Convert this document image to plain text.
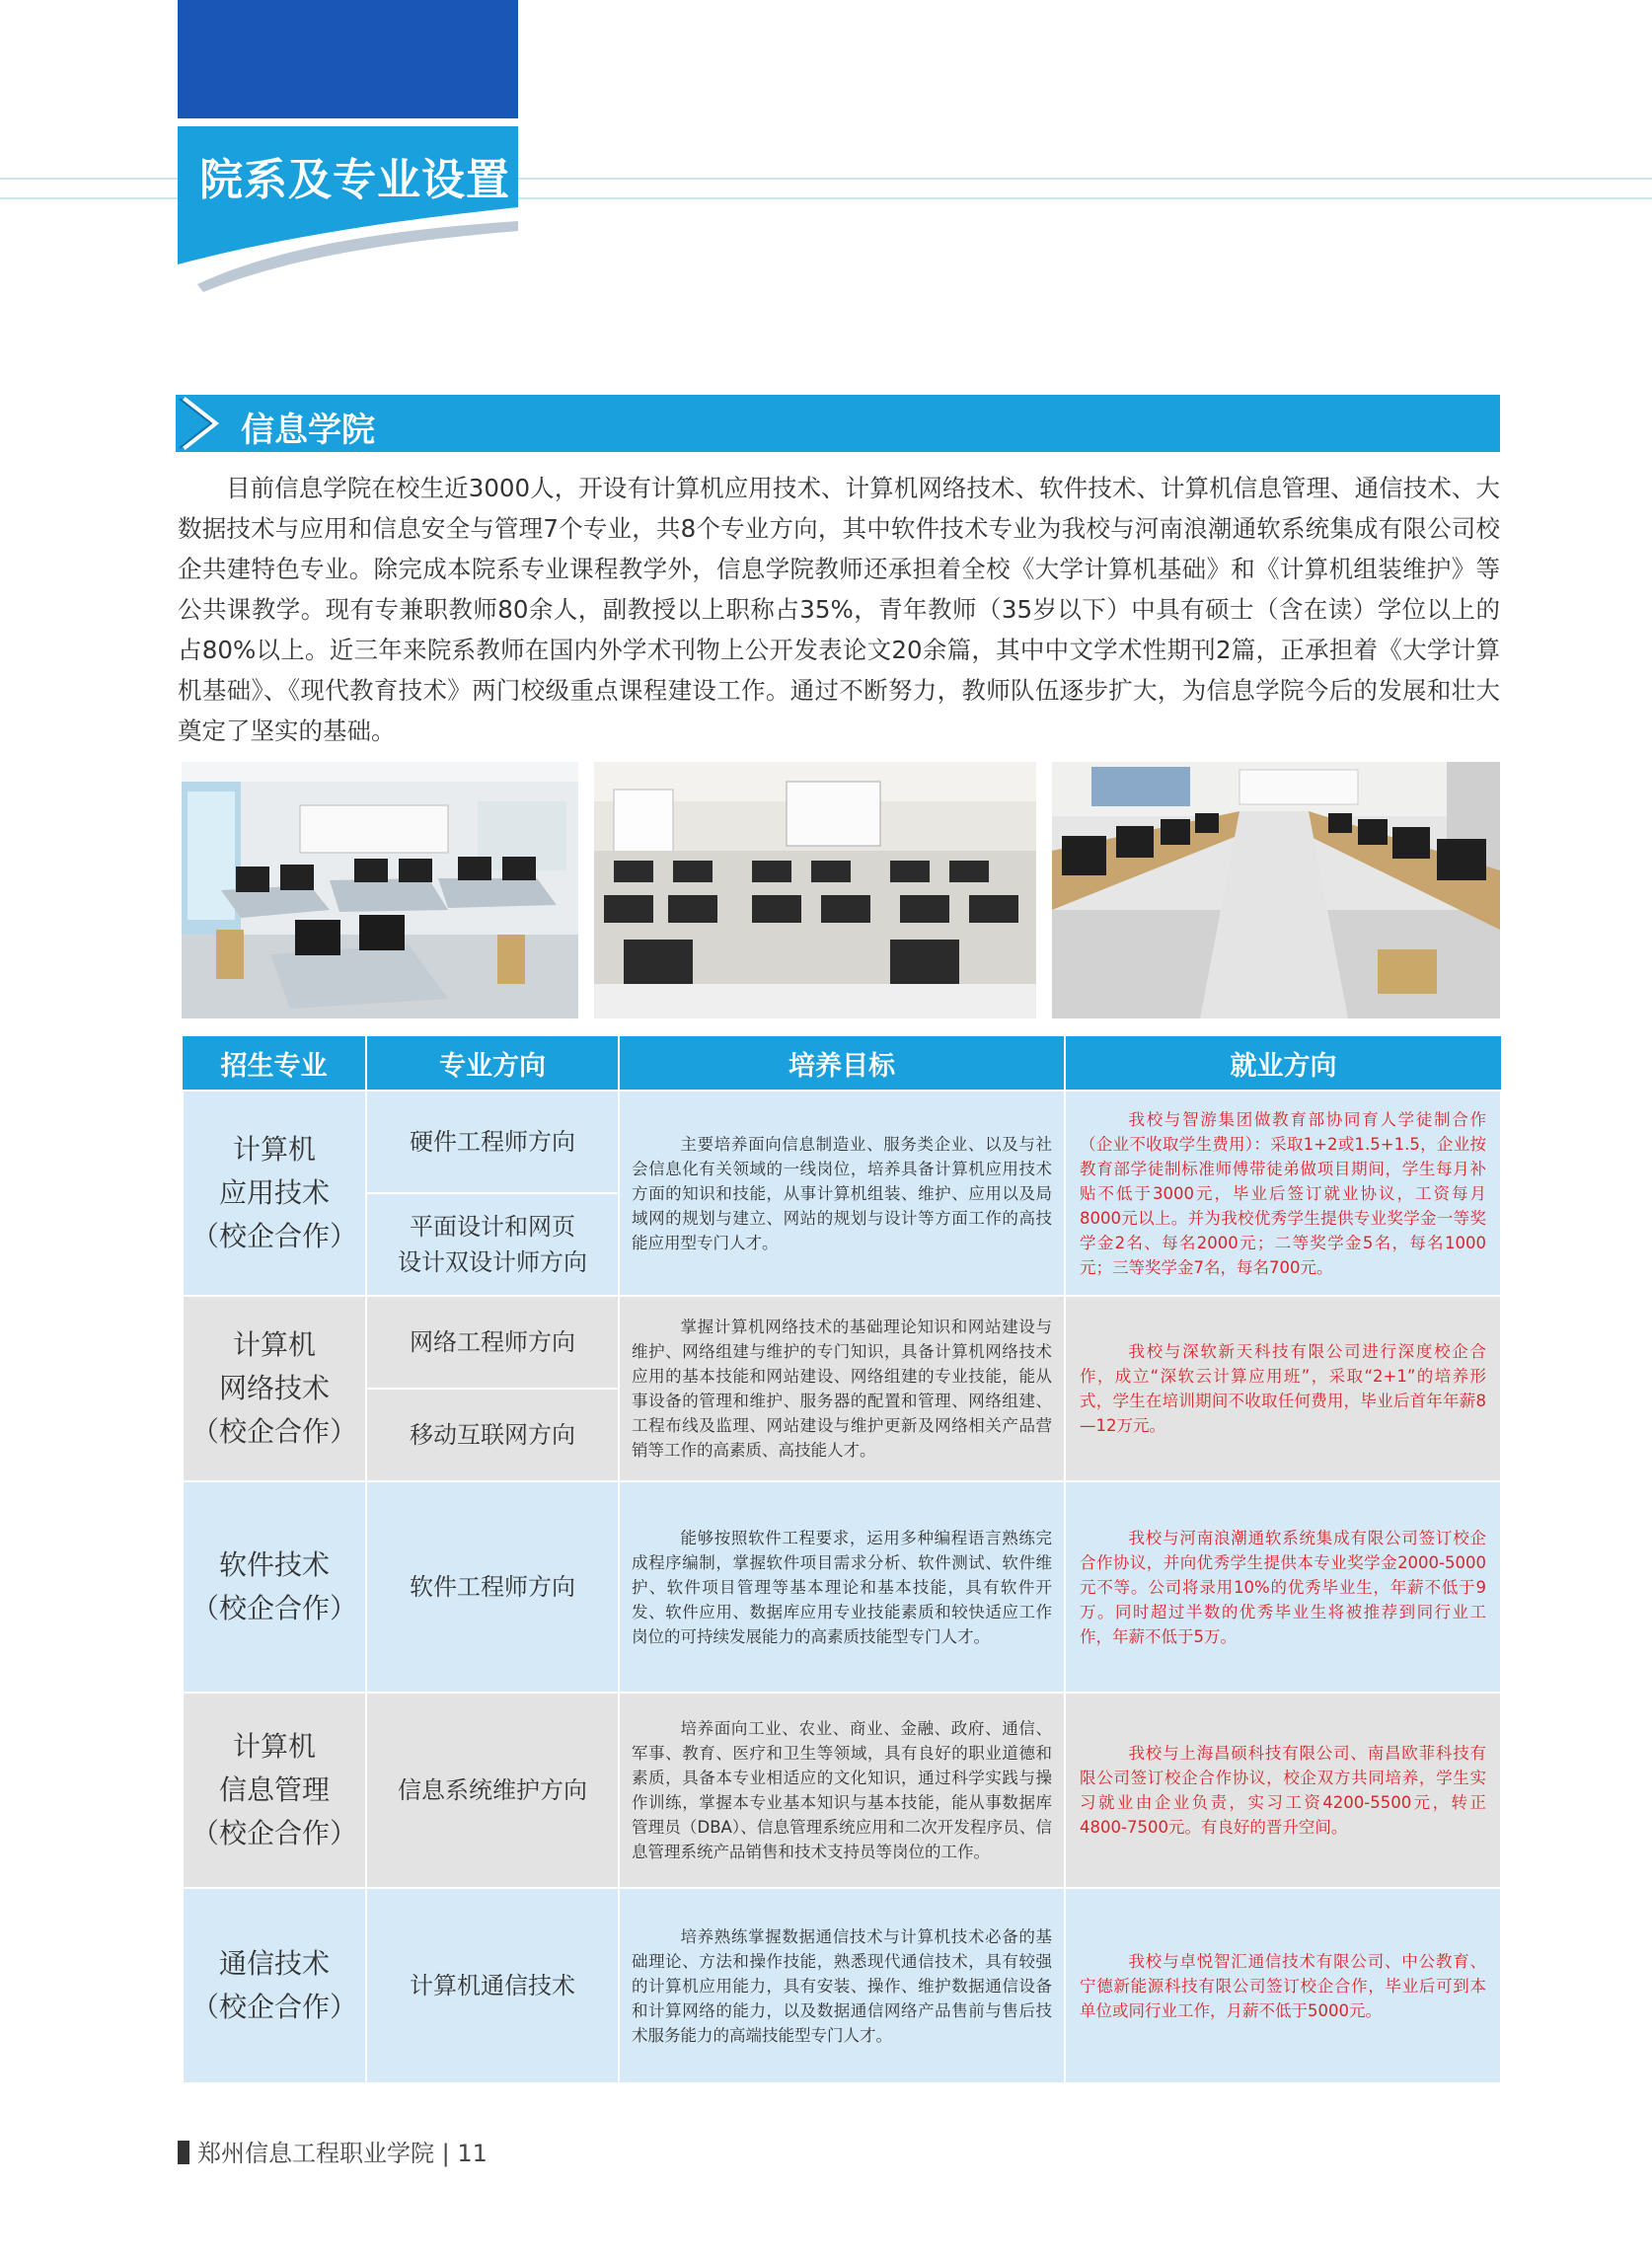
院系及专业设置
信息学院
目前信息学院在校生近3000人，开设有计算机应用技术、计算机网络技术、软件技术、计算机信息管理、通信技术、大数据技术与应用和信息安全与管理7个专业，共8个专业方向，其中软件技术专业为我校与河南浪潮通软系统集成有限公司校企共建特色专业。除完成本院系专业课程教学外，信息学院教师还承担着全校《大学计算机基础》和《计算机组装维护》等公共课教学。现有专兼职教师80余人，副教授以上职称占35%，青年教师（35岁以下）中具有硕士（含在读）学位以上的占80%以上。近三年来院系教师在国内外学术刊物上公开发表论文20余篇，其中中文学术性期刊2篇，正承担着《大学计算机基础》、《现代教育技术》两门校级重点课程建设工作。通过不断努力，教师队伍逐步扩大，为信息学院今后的发展和壮大奠定了坚实的基础。
招生专业	专业方向	培养目标	就业方向
计算机
应用技术
（校企合作）	硬件工程师方向	主要培养面向信息制造业、服务类企业、以及与社会信息化有关领域的一线岗位，培养具备计算机应用技术方面的知识和技能，从事计算机组装、维护、应用以及局域网的规划与建立、网站的规划与设计等方面工作的高技能应用型专门人才。	我校与智游集团做教育部协同育人学徒制合作（企业不收取学生费用）：采取1+2或1.5+1.5，企业按教育部学徒制标准师傅带徒弟做项目期间，学生每月补贴不低于3000元，毕业后签订就业协议，工资每月8000元以上。并为我校优秀学生提供专业奖学金一等奖学金2名、每名2000元；二等奖学金5名，每名1000元；三等奖学金7名，每名700元。
	平面设计和网页
设计双设计师方向		
计算机
网络技术
（校企合作）	网络工程师方向	掌握计算机网络技术的基础理论知识和网站建设与维护、网络组建与维护的专门知识，具备计算机网络技术应用的基本技能和网站建设、网络组建的专业技能，能从事设备的管理和维护、服务器的配置和管理、网络组建、工程布线及监理、网站建设与维护更新及网络相关产品营销等工作的高素质、高技能人才。	我校与深软新天科技有限公司进行深度校企合作，成立“深软云计算应用班”，采取“2+1”的培养形式，学生在培训期间不收取任何费用，毕业后首年年薪8—12万元。
	移动互联网方向		
软件技术
（校企合作）	软件工程师方向	能够按照软件工程要求，运用多种编程语言熟练完成程序编制，掌握软件项目需求分析、软件测试、软件维护、软件项目管理等基本理论和基本技能，具有软件开发、软件应用、数据库应用专业技能素质和较快适应工作岗位的可持续发展能力的高素质技能型专门人才。	我校与河南浪潮通软系统集成有限公司签订校企合作协议，并向优秀学生提供本专业奖学金2000-5000元不等。公司将录用10%的优秀毕业生，年薪不低于9万。同时超过半数的优秀毕业生将被推荐到同行业工作，年薪不低于5万。
计算机
信息管理
（校企合作）	信息系统维护方向	培养面向工业、农业、商业、金融、政府、通信、军事、教育、医疗和卫生等领域，具有良好的职业道德和素质，具备本专业相适应的文化知识，通过科学实践与操作训练，掌握本专业基本知识与基本技能，能从事数据库管理员（DBA）、信息管理系统应用和二次开发程序员、信息管理系统产品销售和技术支持员等岗位的工作。	我校与上海昌硕科技有限公司、南昌欧菲科技有限公司签订校企合作协议，校企双方共同培养，学生实习就业由企业负责，实习工资4200-5500元，转正4800-7500元。有良好的晋升空间。
通信技术
（校企合作）	计算机通信技术	培养熟练掌握数据通信技术与计算机技术必备的基础理论、方法和操作技能，熟悉现代通信技术，具有较强的计算机应用能力，具有安装、操作、维护数据通信设备和计算网络的能力，以及数据通信网络产品售前与售后技术服务能力的高端技能型专门人才。	我校与卓悦智汇通信技术有限公司、中公教育、宁德新能源科技有限公司签订校企合作，毕业后可到本单位或同行业工作，月薪不低于5000元。
郑州信息工程职业学院 | 11
